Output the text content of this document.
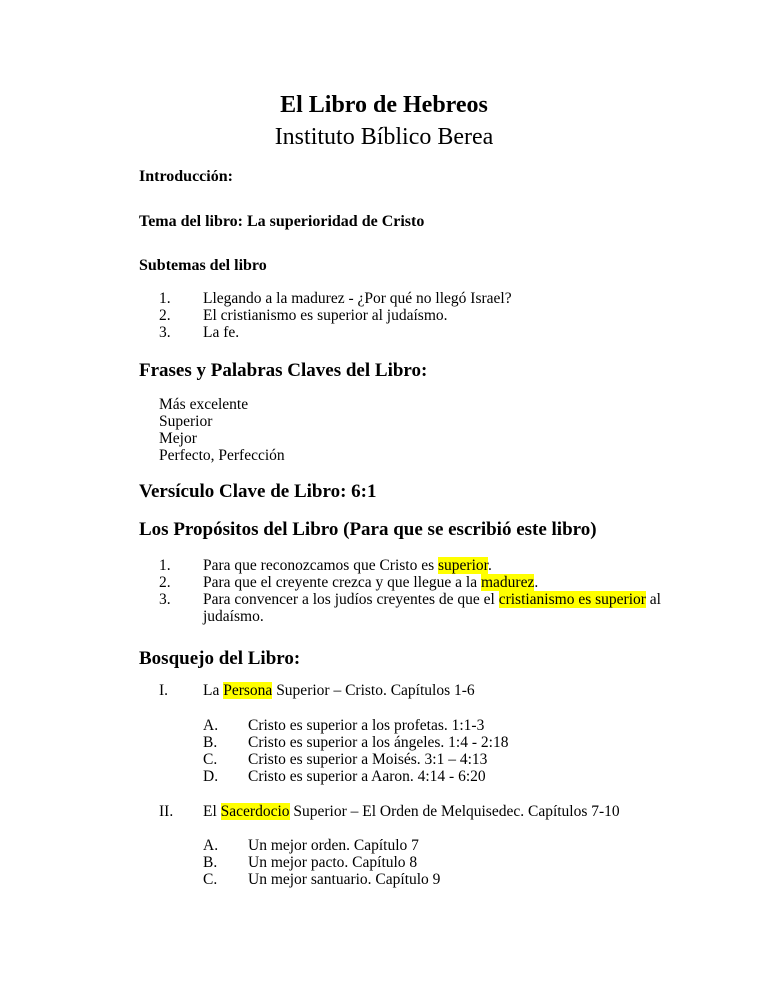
El Libro de Hebreos
Instituto Bíblico Berea
Introducción:
Tema del libro: La superioridad de Cristo
Subtemas del libro
1. Llegando a la madurez - ¿Por qué no llegó Israel?
2. El cristianismo es superior al judaísmo.
3. La fe.
Frases y Palabras Claves del Libro:
Más excelente
Superior
Mejor
Perfecto, Perfección
Versículo Clave de Libro: 6:1
Los Propósitos del Libro (Para que se escribió este libro)
1. Para que reconozcamos que Cristo es superior.
2. Para que el creyente crezca y que llegue a la madurez.
3. Para convencer a los judíos creyentes de que el cristianismo es superior al
judaísmo.
Bosquejo del Libro:
I. La Persona Superior – Cristo. Capítulos 1-6
A. Cristo es superior a los profetas. 1:1-3
B. Cristo es superior a los ángeles. 1:4 - 2:18
C. Cristo es superior a Moisés. 3:1 – 4:13
D. Cristo es superior a Aaron. 4:14 - 6:20
II. El Sacerdocio Superior – El Orden de Melquisedec. Capítulos 7-10
A. Un mejor orden. Capítulo 7
B. Un mejor pacto. Capítulo 8
C. Un mejor santuario. Capítulo 9
